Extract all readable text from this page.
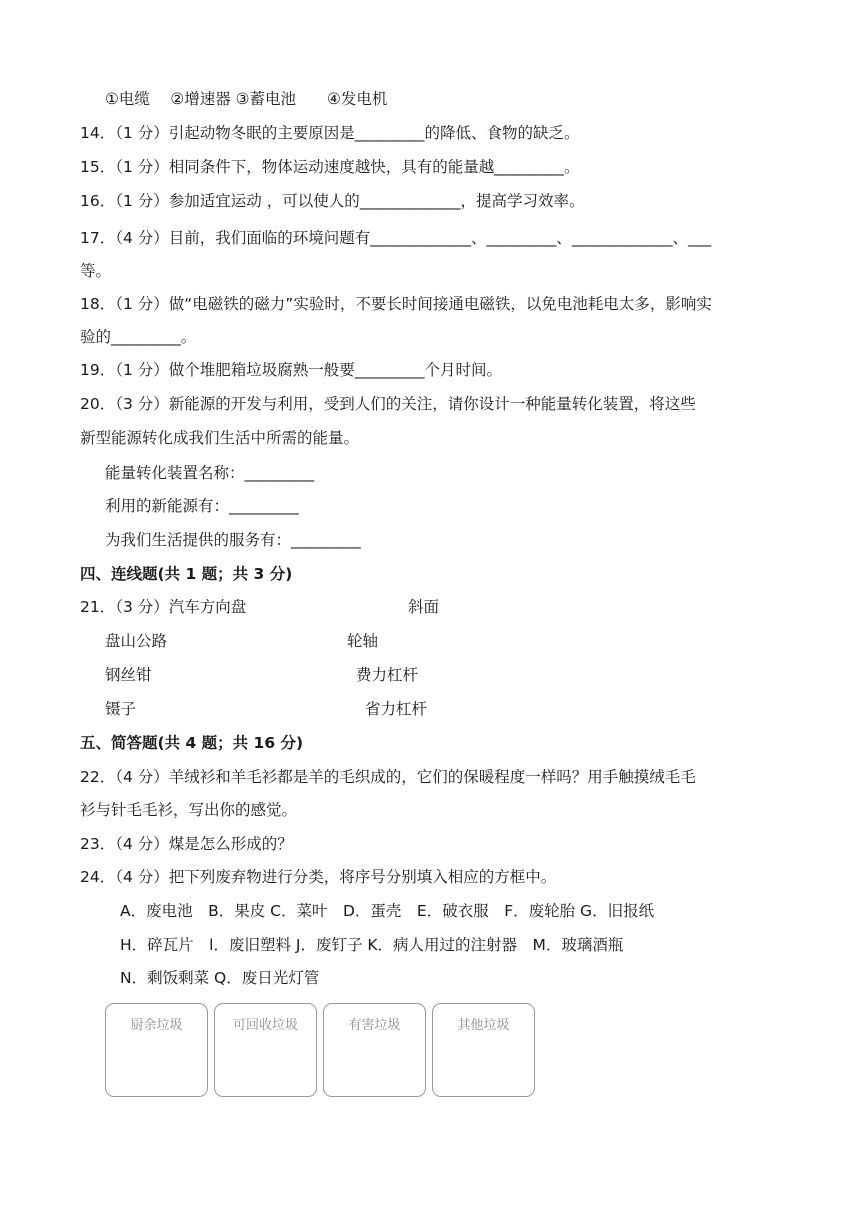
①电缆　 ②增速器 ③蓄电池　　④发电机
14．（1 分）引起动物冬眠的主要原因是_________的降低、食物的缺乏。
15．（1 分）相同条件下，物体运动速度越快，具有的能量越_________。
16．（1 分）参加适宜运动 ，可以使人的_____________，提高学习效率。
17．（4 分）目前，我们面临的环境问题有_____________、_________、_____________、___
等。
18．（1 分）做“电磁铁的磁力”实验时，不要长时间接通电磁铁，以免电池耗电太多，影响实
验的_________。
19．（1 分）做个堆肥箱垃圾腐熟一般要_________个月时间。
20．（3 分）新能源的开发与利用，受到人们的关注，请你设计一种能量转化装置，将这些
新型能源转化成我们生活中所需的能量。
能量转化装置名称：_________
利用的新能源有：_________
为我们生活提供的服务有：_________
四、连线题(共 1 题；共 3 分)
21．（3 分）汽车方向盘	斜面
盘山公路	轮轴
钢丝钳	费力杠杆
镊子	省力杠杆
五、简答题(共 4 题；共 16 分)
22．（4 分）羊绒衫和羊毛衫都是羊的毛织成的，它们的保暖程度一样吗？用手触摸绒毛毛
衫与针毛毛衫，写出你的感觉。
23．（4 分）煤是怎么形成的？
24．（4 分）把下列废弃物进行分类，将序号分别填入相应的方框中。
A．废电池　B．果皮 C．菜叶　D．蛋壳　E．破衣服　F．废轮胎 G．旧报纸
H．碎瓦片　l．废旧塑料 J．废钉子 K．病人用过的注射器　M．玻璃酒瓶
N．剩饭剩菜 Q．废日光灯管
厨余垃圾	可回收垃圾	有害垃圾	其他垃圾
